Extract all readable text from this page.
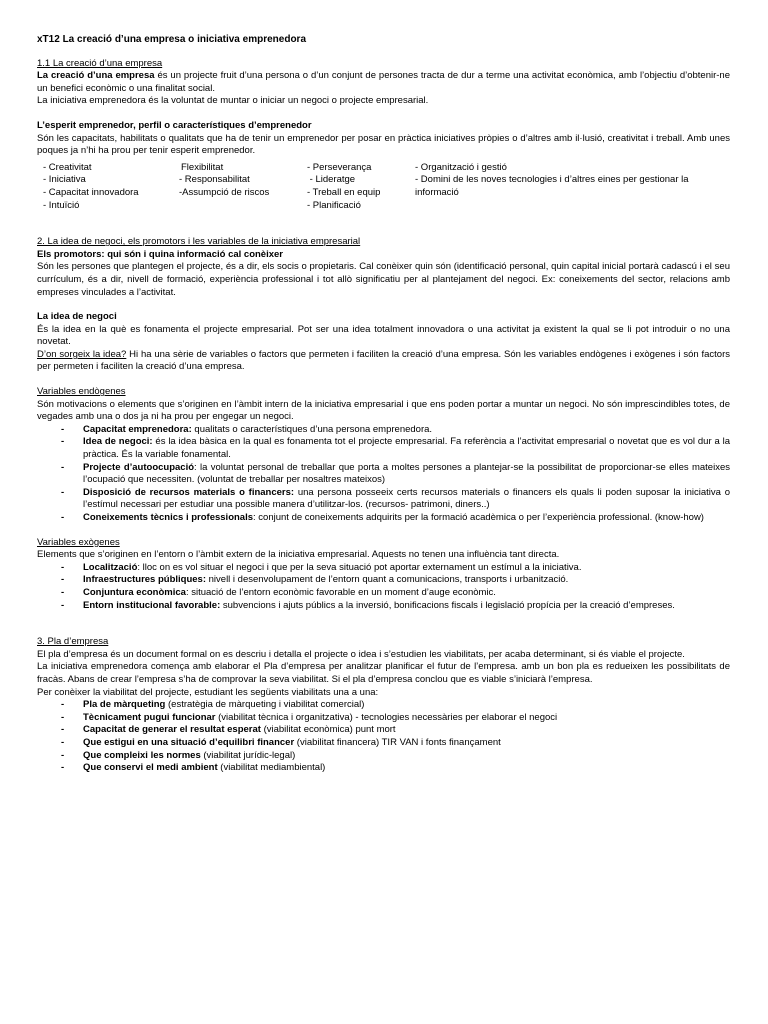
xT12 La creació d’una empresa o iniciativa emprenedora
1.1 La creació d’una empresa

La creació d’una empresa és un projecte fruit d’una persona o d’un conjunt de persones tracta de dur a terme una activitat econòmica, amb l’objectiu d’obtenir-ne un benefici econòmic o una finalitat social.

La iniciativa emprenedora és la voluntat de muntar o iniciar un negoci o projecte empresarial.

L’esperit emprenedor, perfil o característiques d’emprenedor

Són les capacitats, habilitats o qualitats que ha de tenir un emprenedor per posar en pràctica iniciatives pròpies o d’altres amb il·lusió, creativitat i treball. Amb unes poques ja n’hi ha prou per tenir esperit emprenedor.

- Creativitat
- Iniciativa
- Capacitat innovadora
- Intuïció
Flexibilitat
- Responsabilitat
-Assumpció de riscos
- Perseverança
- Lideratge
- Treball en equip
- Planificació
- Organització i gestió
- Domini de les noves tecnologies i d’altres eines per gestionar la informació
2. La idea de negoci, els promotors i les variables de la iniciativa empresarial
Els promotors: qui són i quina informació cal conèixer

Són les persones que plantegen el projecte, és a dir, els socis o propietaris. Cal conèixer quin són (identificació personal, quin capital inicial portarà cadascú i el seu currículum, és a dir, nivell de formació, experiència professional i tot allò significatiu per al plantejament del negoci. Ex: coneixements del sector, relacions amb empreses vinculades a l’activitat.

La idea de negoci

És la idea en la què es fonamenta el projecte empresarial. Pot ser una idea totalment innovadora o una activitat ja existent la qual se li pot introduir o no una novetat.

D’on sorgeix la idea? Hi ha una sèrie de variables o factors que permeten i faciliten la creació d’una empresa. Són les variables endògenes i exògenes i són factors per permeten i faciliten la creació d’una empresa.

Variables endògenes

Són motivacions o elements que s’originen en l’àmbit intern de la iniciativa empresarial i que ens poden portar a muntar un negoci. No són imprescindibles totes, de vegades amb una o dos ja ni ha prou per engegar un negoci.

- Capacitat emprenedora: qualitats o característiques d’una persona emprenedora.
- Idea de negoci: és la idea bàsica en la qual es fonamenta tot el projecte empresarial. Fa referència a l’activitat empresarial o novetat que es vol dur a la pràctica. És la variable fonamental.
- Projecte d’autoocupació: la voluntat personal de treballar que porta a moltes persones a plantejar-se la possibilitat de proporcionar-se elles mateixes l’ocupació que necessiten. (voluntat de treballar per nosaltres mateixos)
- Disposició de recursos materials o financers: una persona posseeix certs recursos materials o financers els quals li poden suposar la iniciativa o l’estímul necessari per estudiar una possible manera d’utilitzar-los. (recursos- patrimoni, diners..)
- Coneixements tècnics i professionals: conjunt de coneixements adquirits per la formació acadèmica o per l’experiència professional. (know-how)
Variables exògenes

Elements que s’originen en l’entorn o l’àmbit extern de la iniciativa empresarial. Aquests no tenen una influència tant directa.

- Localització: lloc on es vol situar el negoci i que per la seva situació pot aportar externament un estímul a la iniciativa.
- Infraestructures públiques: nivell i desenvolupament de l’entorn quant a comunicacions, transports i urbanització.
- Conjuntura econòmica: situació de l’entorn econòmic favorable en un moment d’auge econòmic.
- Entorn institucional favorable: subvencions i ajuts públics a la inversió, bonificacions fiscals i legislació propícia per la creació d’empreses.
3. Pla d’empresa

El pla d’empresa és un document formal on es descriu i detalla el projecte o idea i s’estudien les viabilitats, per acaba determinant, si és viable el projecte.

La iniciativa emprenedora comença amb elaborar el Pla d’empresa per analitzar planificar el futur de l’empresa. amb un bon pla es redueixen les possibilitats de fracàs. Abans de crear l’empresa s’ha de comprovar la seva viabilitat. Si el pla d’empresa conclou que es viable s’iniciarà l’empresa.

Per conèixer la viabilitat del projecte, estudiant les següents viabilitats una a una:

- Pla de màrqueting (estratègia de màrqueting i viabilitat comercial)
- Tècnicament pugui funcionar (viabilitat tècnica i organitzativa) - tecnologies necessàries per elaborar el negoci
- Capacitat de generar el resultat esperat (viabilitat econòmica) punt mort
- Que estigui en una situació d’equilibri financer (viabilitat financera) TIR VAN i fonts finançament
- Que compleixi les normes (viabilitat jurídic-legal)
- Que conservi el medi ambient (viabilitat mediambiental)
